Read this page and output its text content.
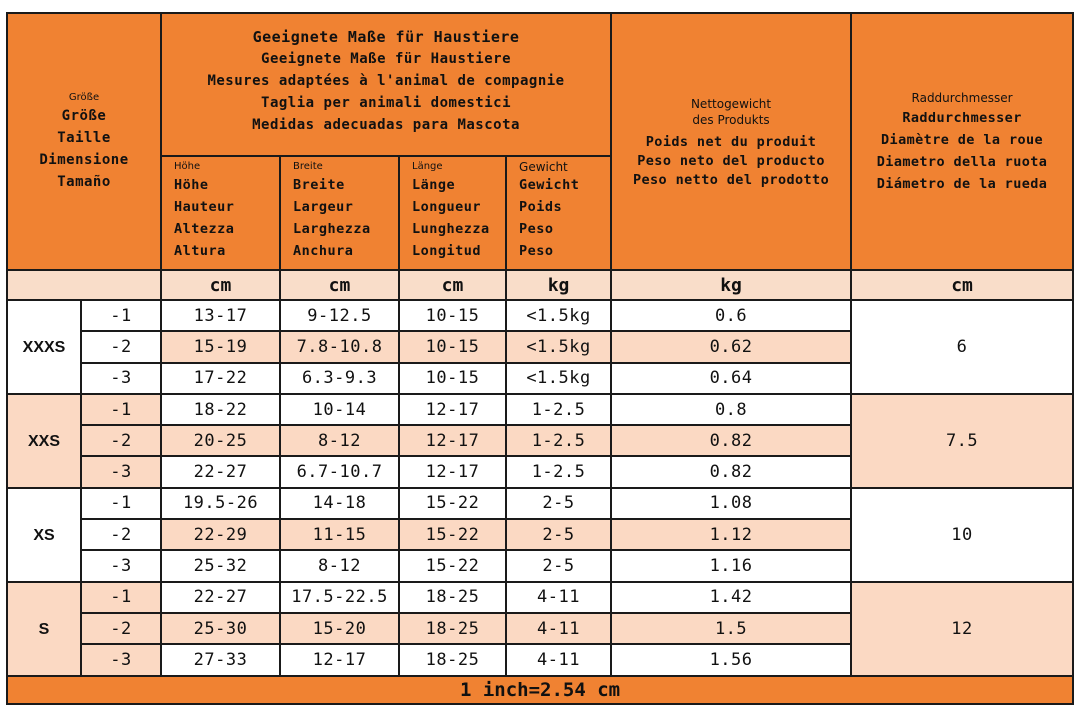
Größe
Größe
Taille
Dimensione
Tamaño		Geeignete Maße für Haustiere
Geeignete Maße für Haustiere
Mesures adaptées à l'animal de compagnie
Taglia per animali domestici
Medidas adecuadas para Mascota				Nettogewicht
des Produkts
Poids net du produit
Peso neto del producto
Peso netto del prodotto	Raddurchmesser
Raddurchmesser
Diamètre de la roue
Diametro della ruota
Diámetro de la rueda

		Höhe
Höhe
Hauteur
Altezza
Altura	Breite
Breite
Largeur
Larghezza
Anchura	Länge
Länge
Longueur
Lunghezza
Longitud	Gewicht
Gewicht
Poids
Peso
Peso		

		cm	cm	cm	kg	kg	cm
XXXS	-1	13-17	9-12.5	10-15	<1.5kg	0.6	6
	-2	15-19	7.8-10.8	10-15	<1.5kg	0.62	
	-3	17-22	6.3-9.3	10-15	<1.5kg	0.64	
XXS	-1	18-22	10-14	12-17	1-2.5	0.8	7.5
	-2	20-25	8-12	12-17	1-2.5	0.82	
	-3	22-27	6.7-10.7	12-17	1-2.5	0.82	
XS	-1	19.5-26	14-18	15-22	2-5	1.08	10
	-2	22-29	11-15	15-22	2-5	1.12	
	-3	25-32	8-12	15-22	2-5	1.16	
S	-1	22-27	17.5-22.5	18-25	4-11	1.42	12
	-2	25-30	15-20	18-25	4-11	1.5	
	-3	27-33	12-17	18-25	4-11	1.56	
1 inch=2.54 cm							
